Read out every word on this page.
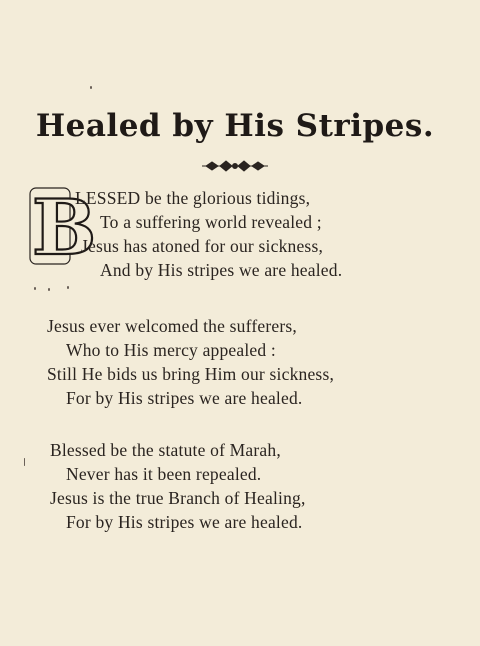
Healed by His Stripes.
B
LESSED be the glorious tidings,
To a suffering world revealed ;
Jesus has atoned for our sickness,
And by His stripes we are healed.
Jesus ever welcomed the sufferers,
Who to His mercy appealed :
Still He bids us bring Him our sickness,
For by His stripes we are healed.
Blessed be the statute of Marah,
Never has it been repealed.
Jesus is the true Branch of Healing,
For by His stripes we are healed.
